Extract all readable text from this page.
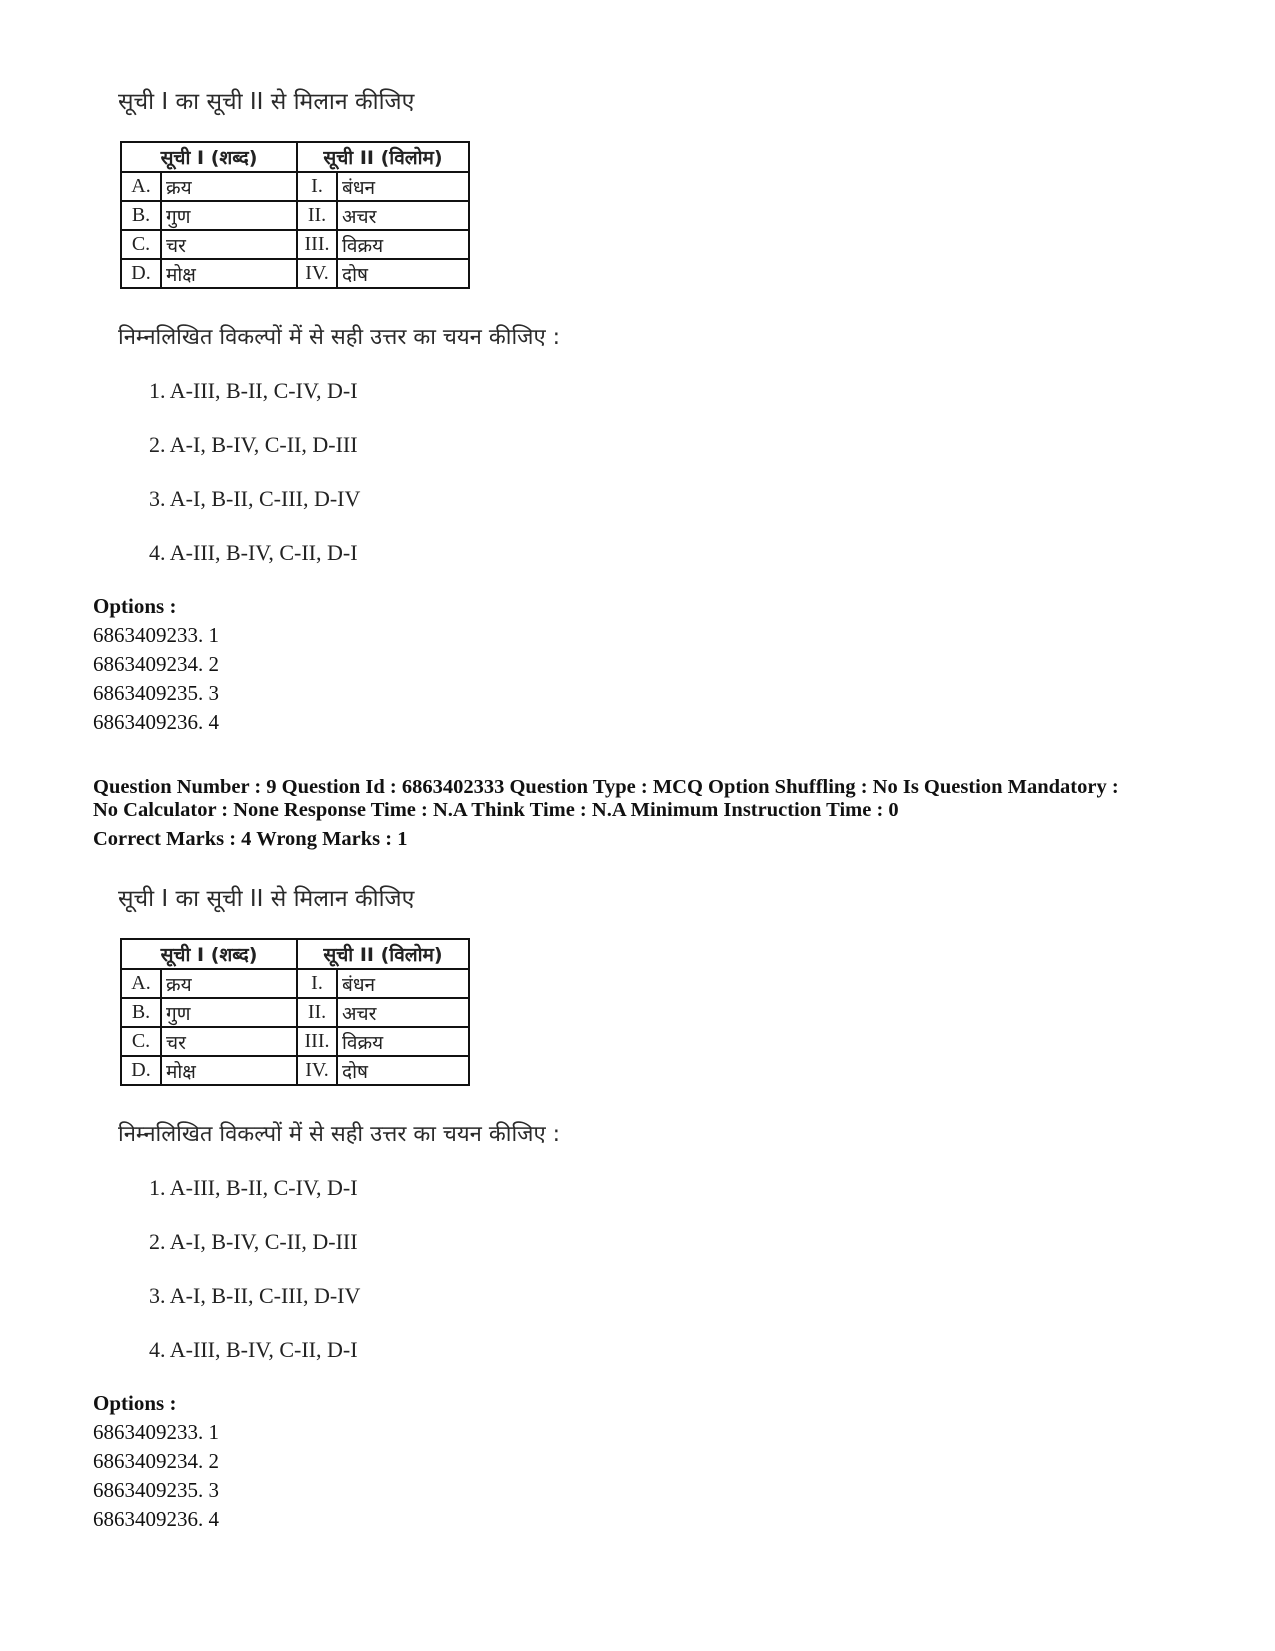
सूची I का सूची II से मिलान कीजिए
सूची I (शब्द)		सूची II (विलोम)	
A.	क्रय	I.	बंधन
B.	गुण	II.	अचर
C.	चर	III.	विक्रय
D.	मोक्ष	IV.	दोष
निम्नलिखित विकल्पों में से सही उत्तर का चयन कीजिए :
1. A-III, B-II, C-IV, D-I
2. A-I, B-IV, C-II, D-III
3. A-I, B-II, C-III, D-IV
4. A-III, B-IV, C-II, D-I
Options :
6863409233. 1
6863409234. 2
6863409235. 3
6863409236. 4
Question Number : 9 Question Id : 6863402333 Question Type : MCQ Option Shuffling : No Is Question Mandatory :
No Calculator : None Response Time : N.A Think Time : N.A Minimum Instruction Time : 0
Correct Marks : 4 Wrong Marks : 1
सूची I का सूची II से मिलान कीजिए
सूची I (शब्द)		सूची II (विलोम)	
A.	क्रय	I.	बंधन
B.	गुण	II.	अचर
C.	चर	III.	विक्रय
D.	मोक्ष	IV.	दोष
निम्नलिखित विकल्पों में से सही उत्तर का चयन कीजिए :
1. A-III, B-II, C-IV, D-I
2. A-I, B-IV, C-II, D-III
3. A-I, B-II, C-III, D-IV
4. A-III, B-IV, C-II, D-I
Options :
6863409233. 1
6863409234. 2
6863409235. 3
6863409236. 4
